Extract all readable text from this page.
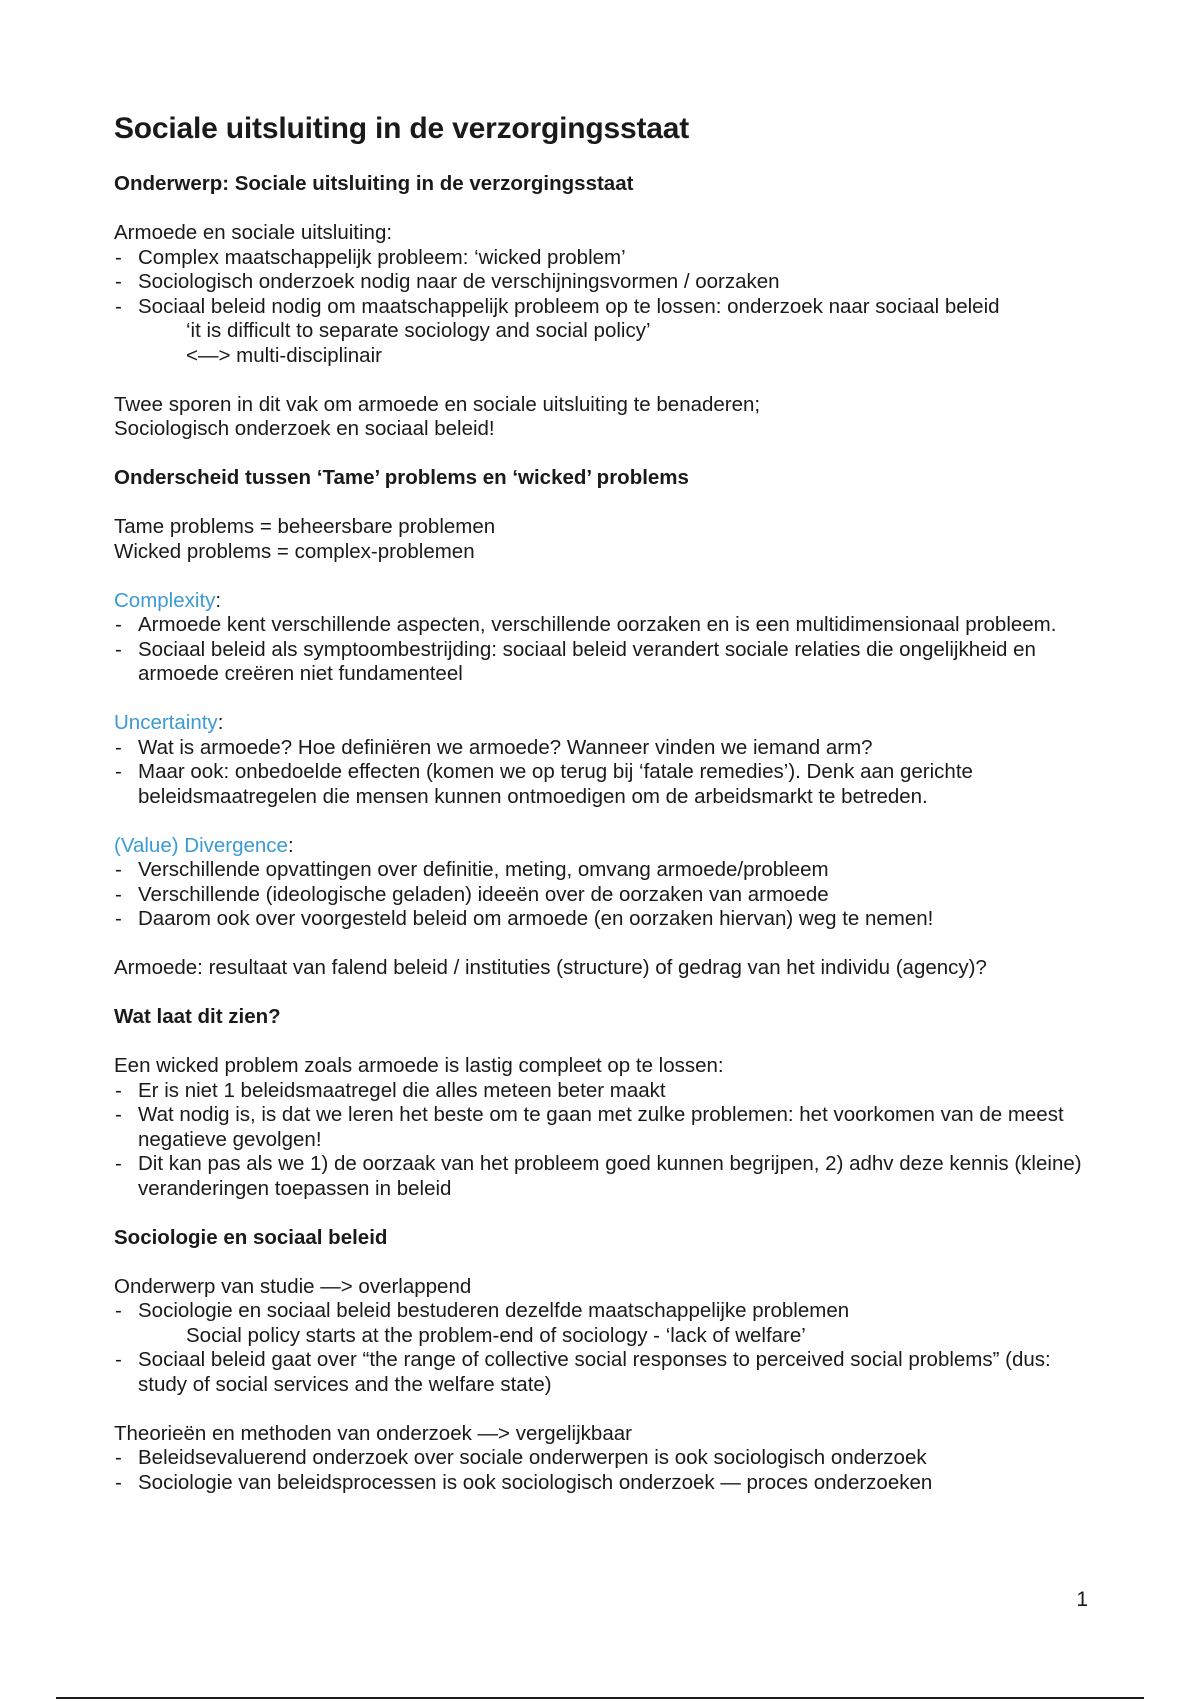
Sociale uitsluiting in de verzorgingsstaat

Onderwerp: Sociale uitsluiting in de verzorgingsstaat

Armoede en sociale uitsluiting:

- Complex maatschappelijk probleem: ‘wicked problem’
- Sociologisch onderzoek nodig naar de verschijningsvormen / oorzaken
- Sociaal beleid nodig om maatschappelijk probleem op te lossen: onderzoek naar sociaal beleid

‘it is difficult to separate sociology and social policy’

<—> multi-disciplinair

Twee sporen in dit vak om armoede en sociale uitsluiting te benaderen;

Sociologisch onderzoek en sociaal beleid!

Onderscheid tussen ‘Tame’ problems en ‘wicked’ problems

Tame problems = beheersbare problemen

Wicked problems = complex-problemen

Complexity:

- Armoede kent verschillende aspecten, verschillende oorzaken en is een multidimensionaal probleem.
- Sociaal beleid als symptoombestrijding: sociaal beleid verandert sociale relaties die ongelijkheid en armoede creëren niet fundamenteel

Uncertainty:

- Wat is armoede? Hoe definiëren we armoede? Wanneer vinden we iemand arm?
- Maar ook: onbedoelde effecten (komen we op terug bij ‘fatale remedies’). Denk aan gerichte beleidsmaatregelen die mensen kunnen ontmoedigen om de arbeidsmarkt te betreden.

(Value) Divergence:

- Verschillende opvattingen over definitie, meting, omvang armoede/probleem
- Verschillende (ideologische geladen) ideeën over de oorzaken van armoede
- Daarom ook over voorgesteld beleid om armoede (en oorzaken hiervan) weg te nemen!

Armoede: resultaat van falend beleid / instituties (structure) of gedrag van het individu (agency)?

Wat laat dit zien?

Een wicked problem zoals armoede is lastig compleet op te lossen:

- Er is niet 1 beleidsmaatregel die alles meteen beter maakt
- Wat nodig is, is dat we leren het beste om te gaan met zulke problemen: het voorkomen van de meest negatieve gevolgen!
- Dit kan pas als we 1) de oorzaak van het probleem goed kunnen begrijpen, 2) adhv deze kennis (kleine) veranderingen toepassen in beleid

Sociologie en sociaal beleid

Onderwerp van studie —> overlappend

- Sociologie en sociaal beleid bestuderen dezelfde maatschappelijke problemen

Social policy starts at the problem-end of sociology - ‘lack of welfare’

- Sociaal beleid gaat over “the range of collective social responses to perceived social problems” (dus: study of social services and the welfare state)

Theorieën en methoden van onderzoek —> vergelijkbaar

- Beleidsevaluerend onderzoek over sociale onderwerpen is ook sociologisch onderzoek
- Sociologie van beleidsprocessen is ook sociologisch onderzoek — proces onderzoeken
1
